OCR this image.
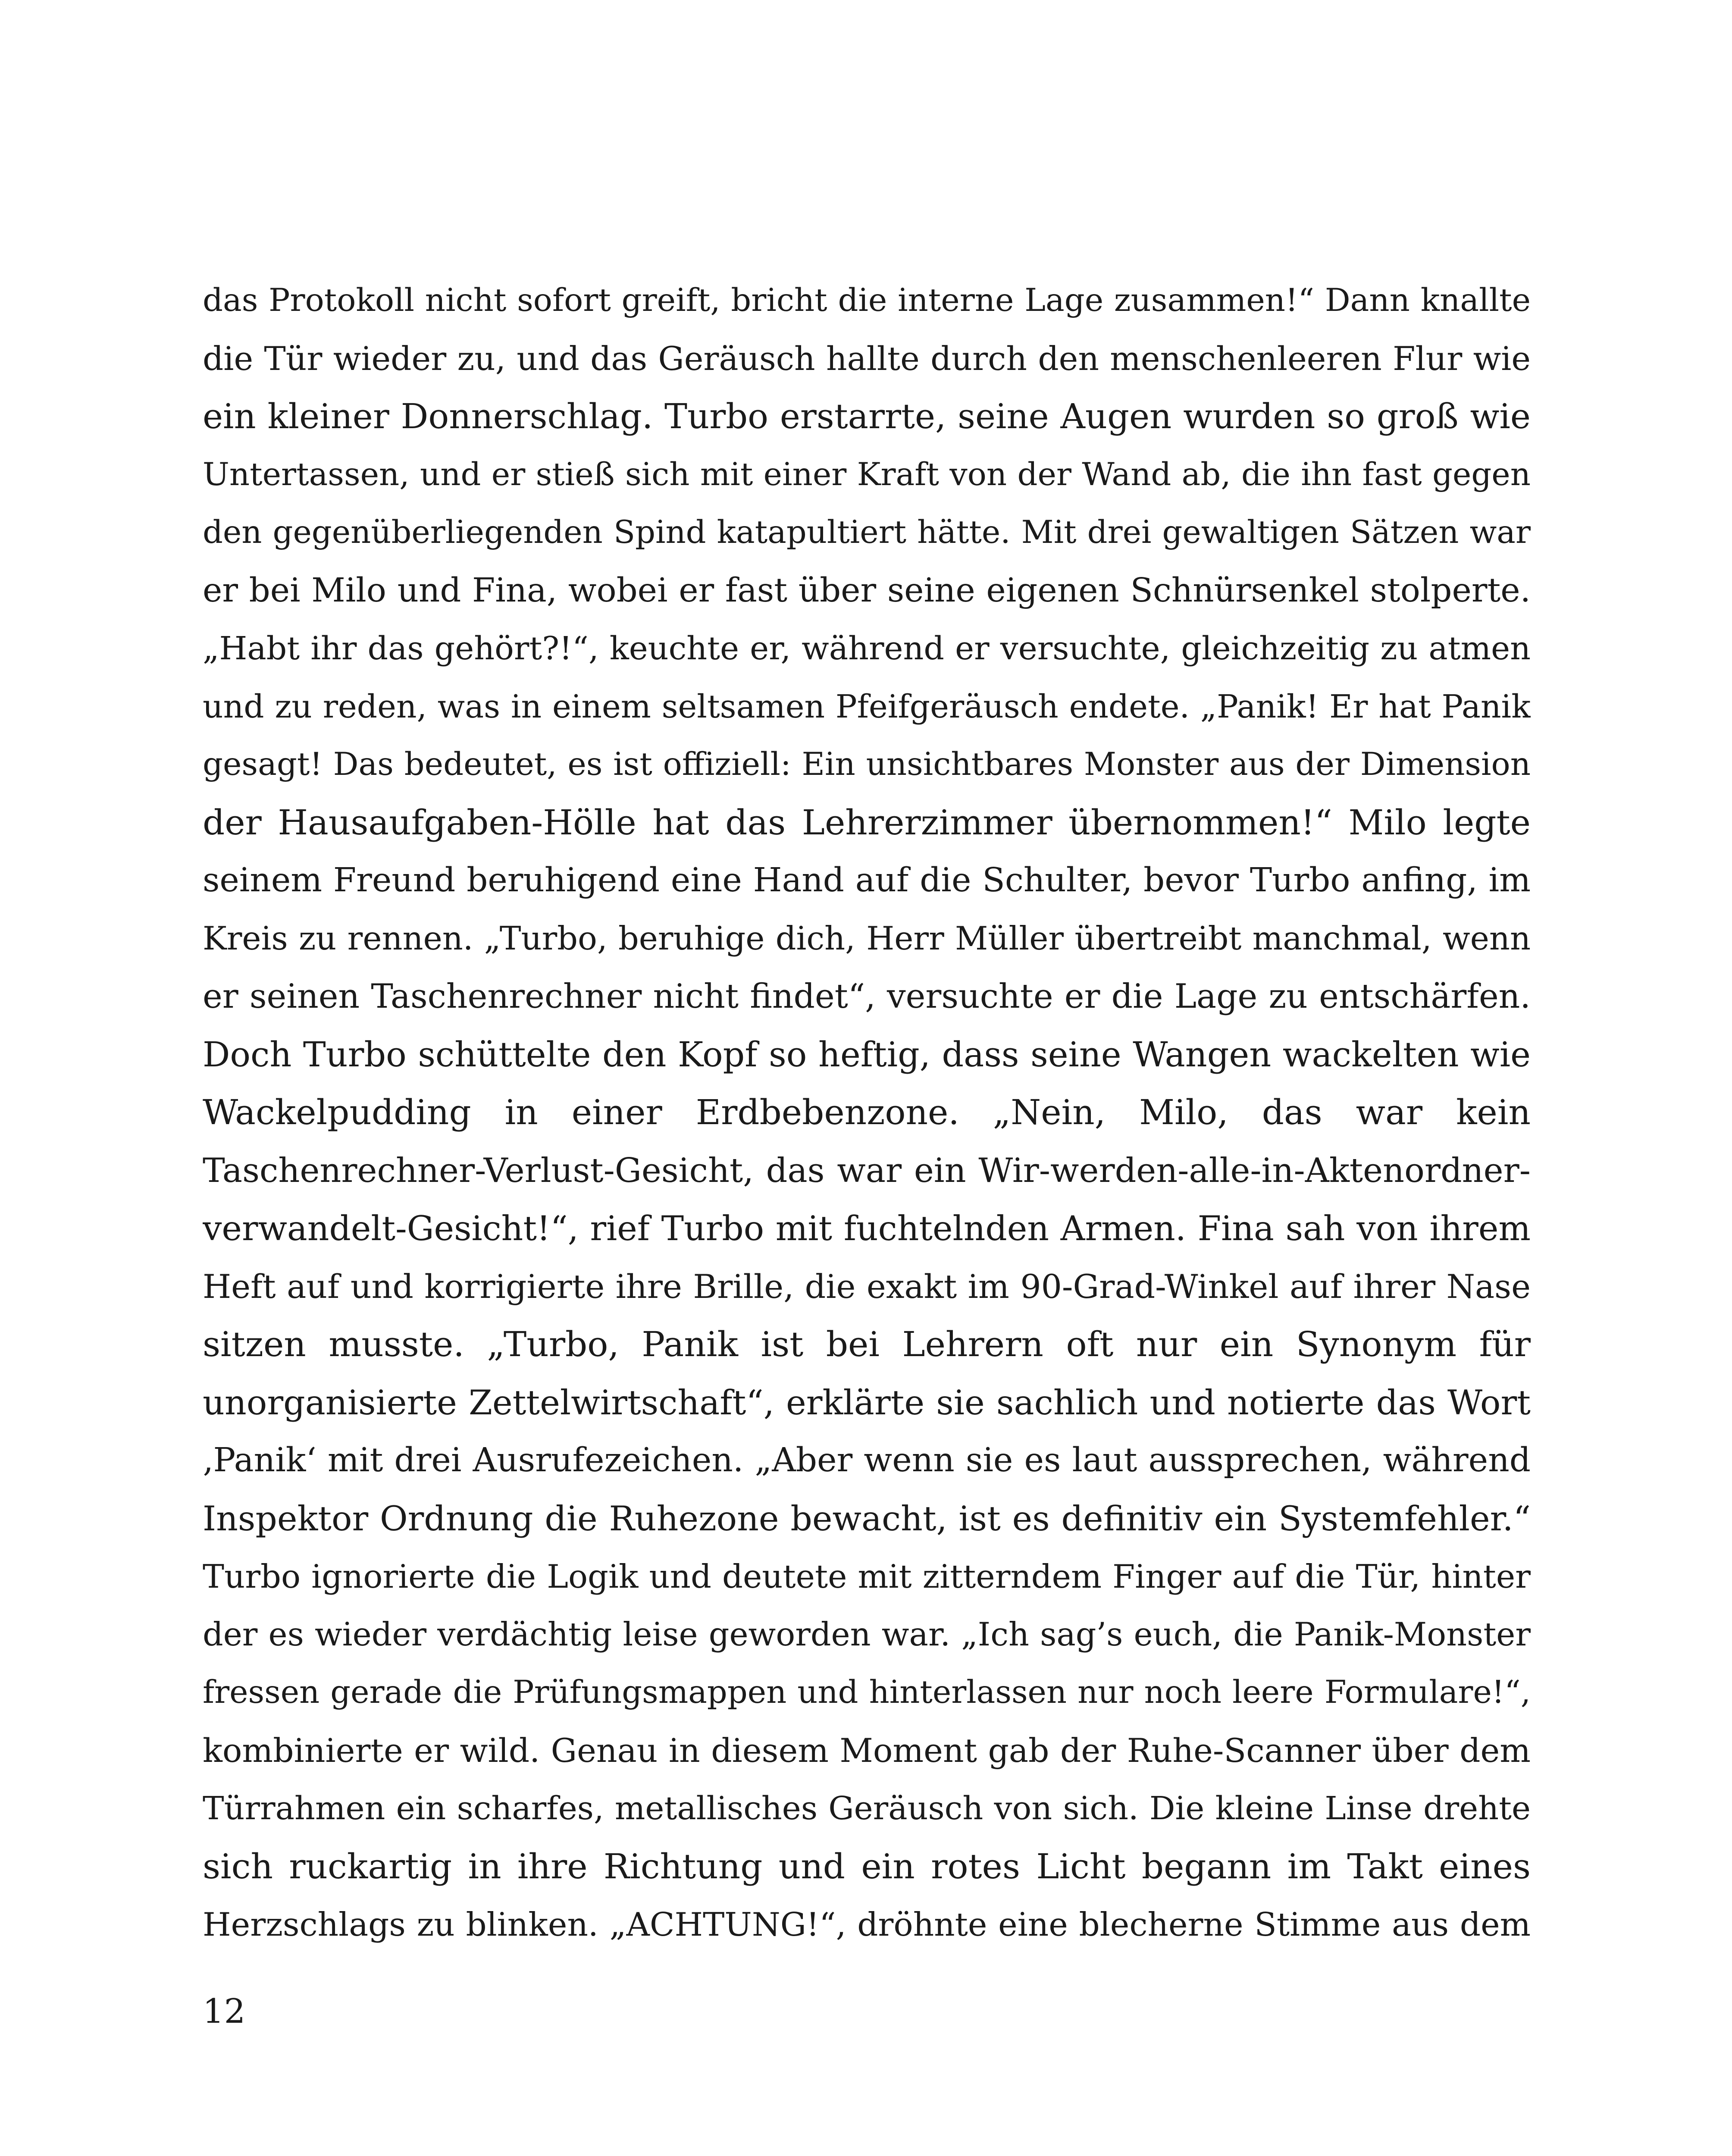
das Protokoll nicht sofort greift, bricht die interne Lage zusammen!“ Dann knallte
die Tür wieder zu, und das Geräusch hallte durch den menschenleeren Flur wie
ein kleiner Donnerschlag. Turbo erstarrte, seine Augen wurden so groß wie
Untertassen, und er stieß sich mit einer Kraft von der Wand ab, die ihn fast gegen
den gegenüberliegenden Spind katapultiert hätte. Mit drei gewaltigen Sätzen war
er bei Milo und Fina, wobei er fast über seine eigenen Schnürsenkel stolperte.
„Habt ihr das gehört?!“, keuchte er, während er versuchte, gleichzeitig zu atmen
und zu reden, was in einem seltsamen Pfeifgeräusch endete. „Panik! Er hat Panik
gesagt! Das bedeutet, es ist offiziell: Ein unsichtbares Monster aus der Dimension
der Hausaufgaben-Hölle hat das Lehrerzimmer übernommen!“ Milo legte
seinem Freund beruhigend eine Hand auf die Schulter, bevor Turbo anfing, im
Kreis zu rennen. „Turbo, beruhige dich, Herr Müller übertreibt manchmal, wenn
er seinen Taschenrechner nicht findet“, versuchte er die Lage zu entschärfen.
Doch Turbo schüttelte den Kopf so heftig, dass seine Wangen wackelten wie
Wackelpudding in einer Erdbebenzone. „Nein, Milo, das war kein
Taschenrechner-Verlust-Gesicht, das war ein Wir-werden-alle-in-Aktenordner-
verwandelt-Gesicht!“, rief Turbo mit fuchtelnden Armen. Fina sah von ihrem
Heft auf und korrigierte ihre Brille, die exakt im 90-Grad-Winkel auf ihrer Nase
sitzen musste. „Turbo, Panik ist bei Lehrern oft nur ein Synonym für
unorganisierte Zettelwirtschaft“, erklärte sie sachlich und notierte das Wort
‚Panik‘ mit drei Ausrufezeichen. „Aber wenn sie es laut aussprechen, während
Inspektor Ordnung die Ruhezone bewacht, ist es definitiv ein Systemfehler.“
Turbo ignorierte die Logik und deutete mit zitterndem Finger auf die Tür, hinter
der es wieder verdächtig leise geworden war. „Ich sag’s euch, die Panik-Monster
fressen gerade die Prüfungsmappen und hinterlassen nur noch leere Formulare!“,
kombinierte er wild. Genau in diesem Moment gab der Ruhe-Scanner über dem
Türrahmen ein scharfes, metallisches Geräusch von sich. Die kleine Linse drehte
sich ruckartig in ihre Richtung und ein rotes Licht begann im Takt eines
Herzschlags zu blinken. „ACHTUNG!“, dröhnte eine blecherne Stimme aus dem
12
